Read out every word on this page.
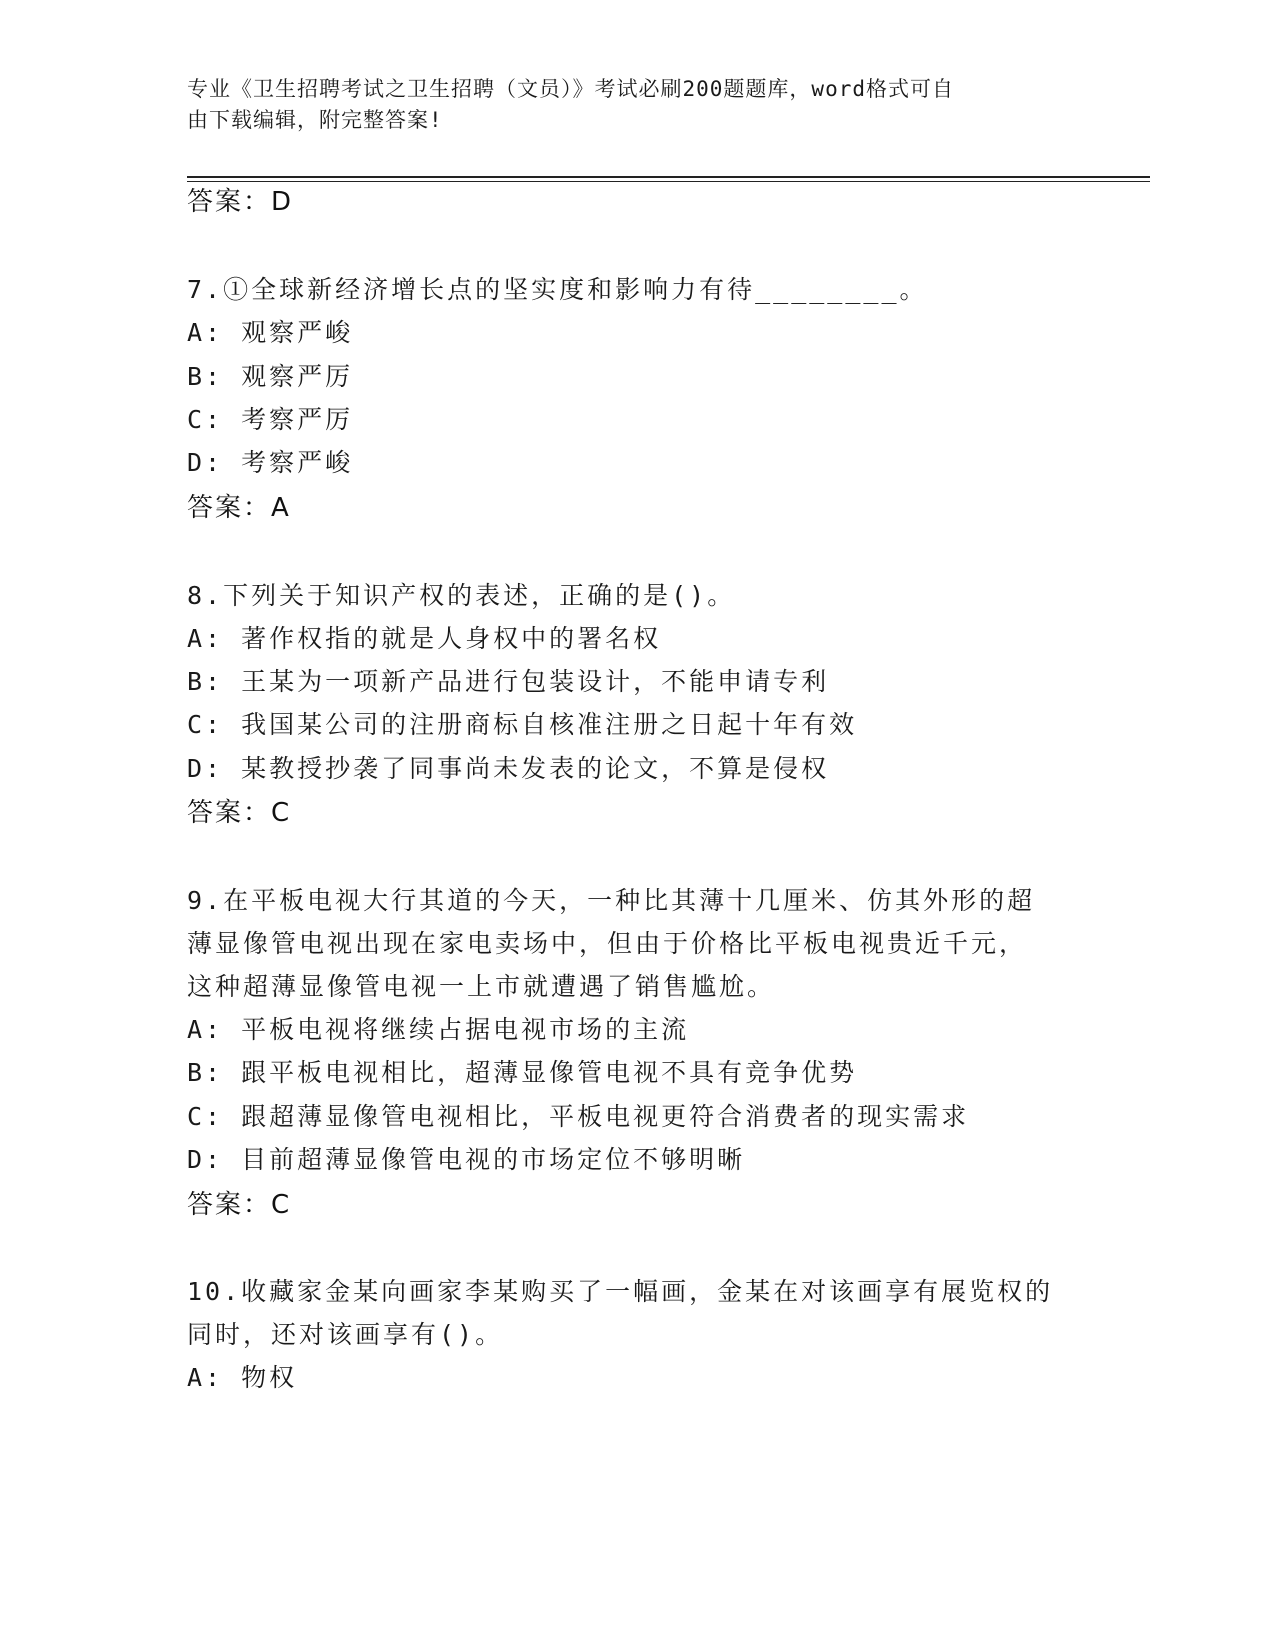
专业《卫生招聘考试之卫生招聘（文员）》考试必刷200题题库，word格式可自
由下载编辑，附完整答案!
答案：D
7.①全球新经济增长点的坚实度和影响力有待________。
A: 观察严峻
B: 观察严厉
C: 考察严厉
D: 考察严峻
答案：A
8.下列关于知识产权的表述，正确的是()。
A: 著作权指的就是人身权中的署名权
B: 王某为一项新产品进行包装设计，不能申请专利
C: 我国某公司的注册商标自核准注册之日起十年有效
D: 某教授抄袭了同事尚未发表的论文，不算是侵权
答案：C
9.在平板电视大行其道的今天，一种比其薄十几厘米、仿其外形的超
薄显像管电视出现在家电卖场中，但由于价格比平板电视贵近千元，
这种超薄显像管电视一上市就遭遇了销售尴尬。
A: 平板电视将继续占据电视市场的主流
B: 跟平板电视相比，超薄显像管电视不具有竞争优势
C: 跟超薄显像管电视相比，平板电视更符合消费者的现实需求
D: 目前超薄显像管电视的市场定位不够明晰
答案：C
10.收藏家金某向画家李某购买了一幅画，金某在对该画享有展览权的
同时，还对该画享有()。
A: 物权
